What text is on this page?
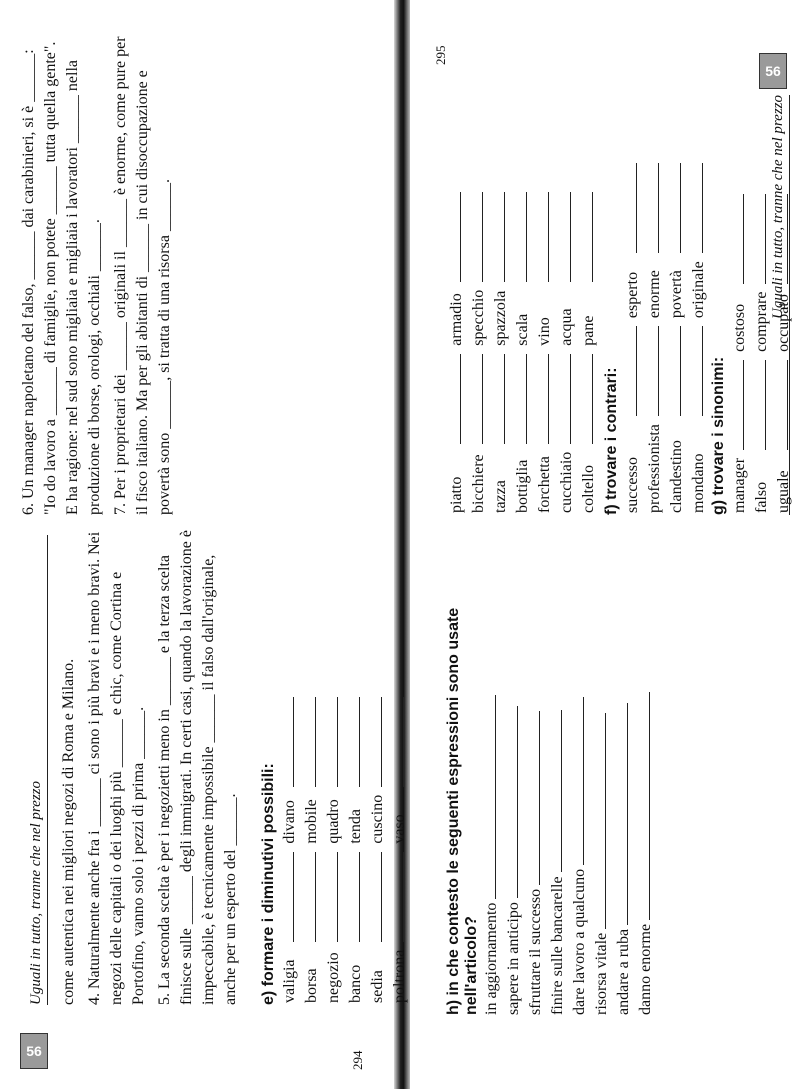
56
Uguali in tutto, tranne che nel prezzo
294

come autentica nei migliori negozi di Roma e Milano. 4. Naturalmente anche fra i ______ ci sono i più bravi e i meno bravi. Nei negozi delle capitali o dei luoghi più ______ e chic, come Cortina e Portofino, vanno solo i pezzi di prima ______. 5. La seconda scelta è per i negozietti meno in ______ e la terza scelta finisce sulle ______ degli immigrati. In certi casi, quando la lavorazione è impeccabile, è tecnicamente impossibile ______ il falso dall'originale, anche per un esperto del ______.

6. Un manager napoletano del falso, ______ dai carabinieri, si è ______: "Io do lavoro a ______ di famiglie, non potete ______ tutta quella gente". E ha ragione: nel sud sono migliaia e migliaia i lavoratori ______ nella produzione di borse, orologi, occhiali ______. 7. Per i proprietari dei ______ originali il ______ è enorme, come pure per il fisco italiano. Ma per gli abitanti di ______ in cui disoccupazione e povertà sono ______, si tratta di una risorsa ______.

e) formare i diminutivi possibili: valigia		divano	
borsa		mobile	
negozio		quadro	
banco		tenda	
sedia		cuscino	
poltrona		vaso	
56
Uguali in tutto, tranne che nel prezzo
295
piatto		armadio	
bicchiere		specchio	
tazza		spazzola	
bottiglia		scala	
forchetta		vino	
cucchiaio		acqua	
coltello		pane	
f) trovare i contrari: successo		esperto	
professionista		enorme	
clandestino		povertà	
mondano		originale	
g) trovare i sinonimi: manager		costoso	
falso		comprare	
uguale		occupato	
h) in che contesto le seguenti espressioni sono usate nell'articolo? in aggiornamento sapere in anticipo sfruttare il successo finire sulle bancarelle dare lavoro a qualcuno risorsa vitale andare a ruba danno enorme
